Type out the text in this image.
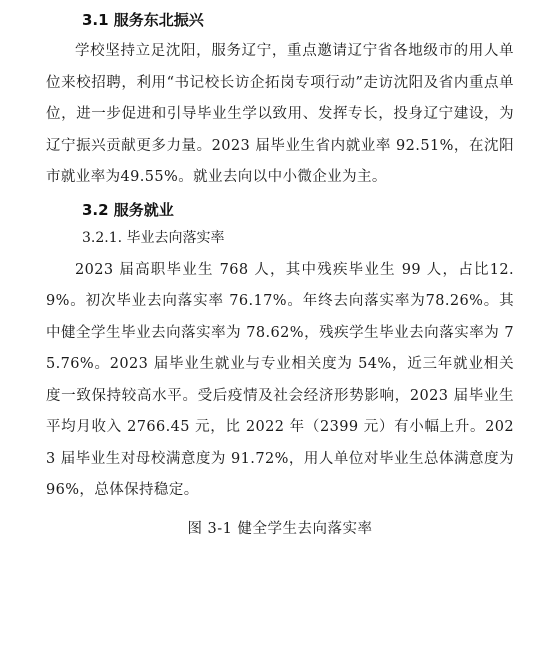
3.1 服务东北振兴

学校坚持立足沈阳，服务辽宁，重点邀请辽宁省各地级市的用人单位来校招聘，利用“书记校长访企拓岗专项行动”走访沈阳及省内重点单位，进一步促进和引导毕业生学以致用、发挥专长，投身辽宁建设，为辽宁振兴贡献更多力量。2023 届毕业生省内就业率 92.51%，在沈阳市就业率为49.55%。就业去向以中小微企业为主。

3.2 服务就业
3.2.1. 毕业去向落实率

2023 届高职毕业生 768 人，其中残疾毕业生 99 人，占比12.9%。初次毕业去向落实率 76.17%。年终去向落实率为78.26%。其中健全学生毕业去向落实率为 78.62%，残疾学生毕业去向落实率为 75.76%。2023 届毕业生就业与专业相关度为 54%，近三年就业相关度一致保持较高水平。受后疫情及社会经济形势影响，2023 届毕业生平均月收入 2766.45 元，比 2022 年（2399 元）有小幅上升。2023 届毕业生对母校满意度为 91.72%，用人单位对毕业生总体满意度为 96%，总体保持稳定。

图 3-1 健全学生去向落实率
